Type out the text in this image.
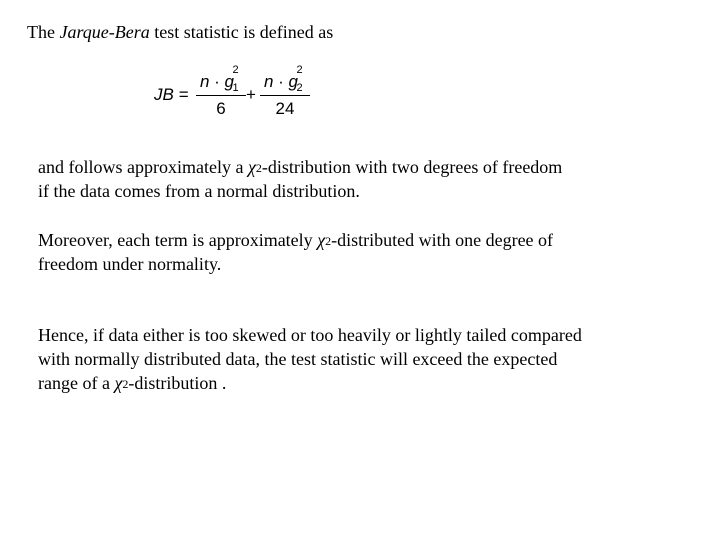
The Jarque-Bera test statistic is defined as
JB =
n · g
2
1
6
+
n · g
2
2
24
and follows approximately a $\chi^2$-distribution with two degrees of freedom
if the data comes from a normal distribution.
Moreover, each term is approximately $\chi^2$-distributed with one degree of
freedom under normality.
Hence, if data either is too skewed or too heavily or lightly tailed compared
with normally distributed data, the test statistic will exceed the expected
range of a $\chi^2$-distribution .
